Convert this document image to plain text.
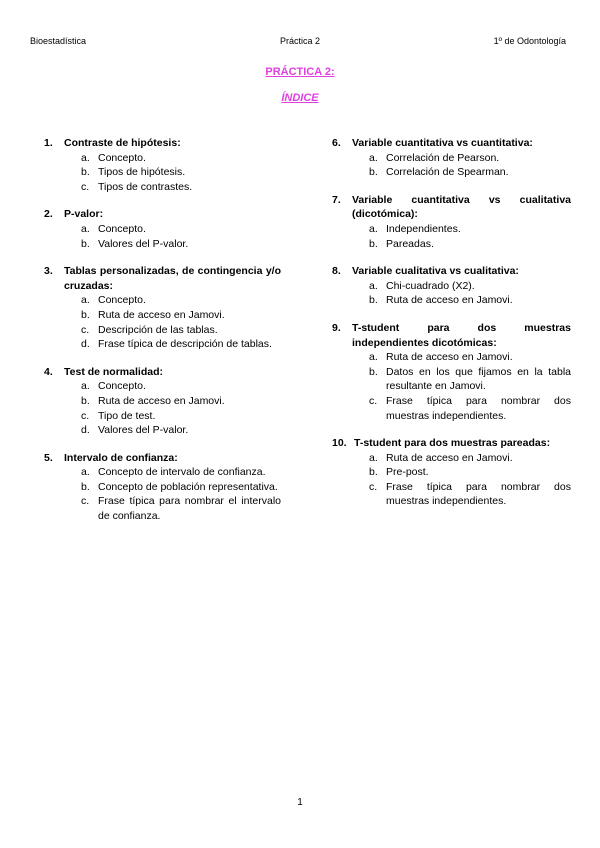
Bioestadística	Práctica 2	1º de Odontología
PRÁCTICA 2:
ÍNDICE
1.	Contraste de hipótesis:
a. Concepto.
b. Tipos de hipótesis.
c. Tipos de contrastes.
2.	P-valor:
a. Concepto.
b. Valores del P-valor.
3.	Tablas personalizadas, de contingencia y/o cruzadas:
a. Concepto.
b. Ruta de acceso en Jamovi.
c. Descripción de las tablas.
d. Frase típica de descripción de tablas.
4.	Test de normalidad:
a. Concepto.
b. Ruta de acceso en Jamovi.
c. Tipo de test.
d. Valores del P-valor.
5.	Intervalo de confianza:
a. Concepto de intervalo de confianza.
b. Concepto de población representativa.
c. Frase típica para nombrar el intervalo de confianza.
6.	Variable cuantitativa vs cuantitativa:
a. Correlación de Pearson.
b. Correlación de Spearman.
7.	Variable cuantitativa vs cualitativa (dicotómica):
a. Independientes.
b. Pareadas.
8.	Variable cualitativa vs cualitativa:
a. Chi-cuadrado (X2).
b. Ruta de acceso en Jamovi.
9.	T-student para dos muestras independientes dicotómicas:
a. Ruta de acceso en Jamovi.
b. Datos en los que fijamos en la tabla resultante en Jamovi.
c. Frase típica para nombrar dos muestras independientes.
10. T-student para dos muestras pareadas:
a. Ruta de acceso en Jamovi.
b. Pre-post.
c. Frase típica para nombrar dos muestras independientes.
1
